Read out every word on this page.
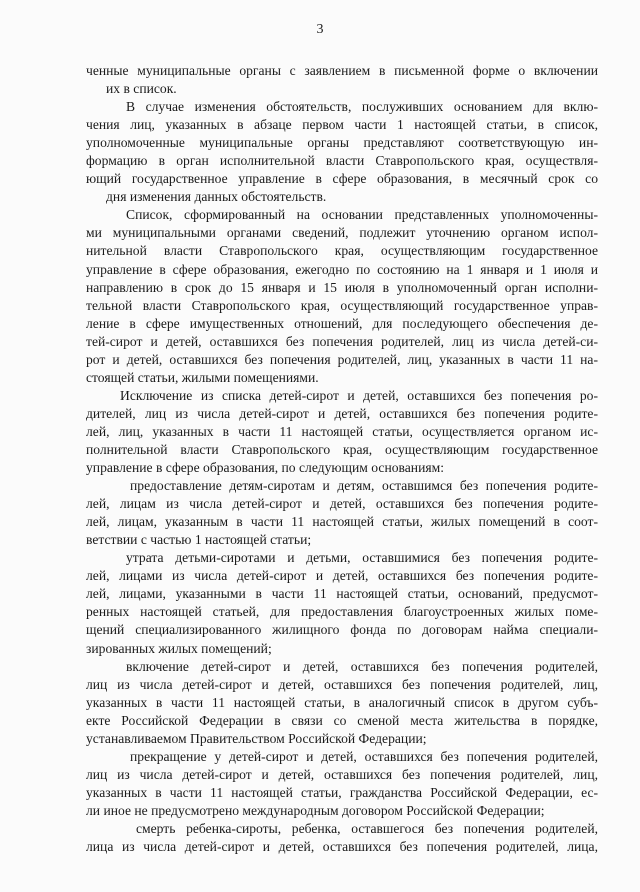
3
ченные муниципальные органы с заявлением в письменной форме о включении
их в список.
В случае изменения обстоятельств, послуживших основанием для вклю-
чения лиц, указанных в абзаце первом части 1 настоящей статьи, в список,
уполномоченные муниципальные органы представляют соответствующую ин-
формацию в орган исполнительной власти Ставропольского края, осуществля-
ющий государственное управление в сфере образования, в месячный срок со
дня изменения данных обстоятельств.
Список, сформированный на основании представленных уполномоченны-
ми муниципальными органами сведений, подлежит уточнению органом испол-
нительной власти Ставропольского края, осуществляющим государственное
управление в сфере образования, ежегодно по состоянию на 1 января и 1 июля и
направлению в срок до 15 января и 15 июля в уполномоченный орган исполни-
тельной власти Ставропольского края, осуществляющий государственное управ-
ление в сфере имущественных отношений, для последующего обеспечения де-
тей-сирот и детей, оставшихся без попечения родителей, лиц из числа детей-си-
рот и детей, оставшихся без попечения родителей, лиц, указанных в части 11 на-
стоящей статьи, жилыми помещениями.
Исключение из списка детей-сирот и детей, оставшихся без попечения ро-
дителей, лиц из числа детей-сирот и детей, оставшихся без попечения родите-
лей, лиц, указанных в части 11 настоящей статьи, осуществляется органом ис-
полнительной власти Ставропольского края, осуществляющим государственное
управление в сфере образования, по следующим основаниям:
предоставление детям-сиротам и детям, оставшимся без попечения родите-
лей, лицам из числа детей-сирот и детей, оставшихся без попечения родите-
лей, лицам, указанным в части 11 настоящей статьи, жилых помещений в соот-
ветствии с частью 1 настоящей статьи;
утрата детьми-сиротами и детьми, оставшимися без попечения родите-
лей, лицами из числа детей-сирот и детей, оставшихся без попечения родите-
лей, лицами, указанными в части 11 настоящей статьи, оснований, предусмот-
ренных настоящей статьей, для предоставления благоустроенных жилых поме-
щений специализированного жилищного фонда по договорам найма специали-
зированных жилых помещений;
включение детей-сирот и детей, оставшихся без попечения родителей,
лиц из числа детей-сирот и детей, оставшихся без попечения родителей, лиц,
указанных в части 11 настоящей статьи, в аналогичный список в другом субъ-
екте Российской Федерации в связи со сменой места жительства в порядке,
устанавливаемом Правительством Российской Федерации;
прекращение у детей-сирот и детей, оставшихся без попечения родителей,
лиц из числа детей-сирот и детей, оставшихся без попечения родителей, лиц,
указанных в части 11 настоящей статьи, гражданства Российской Федерации, ес-
ли иное не предусмотрено международным договором Российской Федерации;
смерть ребенка-сироты, ребенка, оставшегося без попечения родителей,
лица из числа детей-сирот и детей, оставшихся без попечения родителей, лица,
